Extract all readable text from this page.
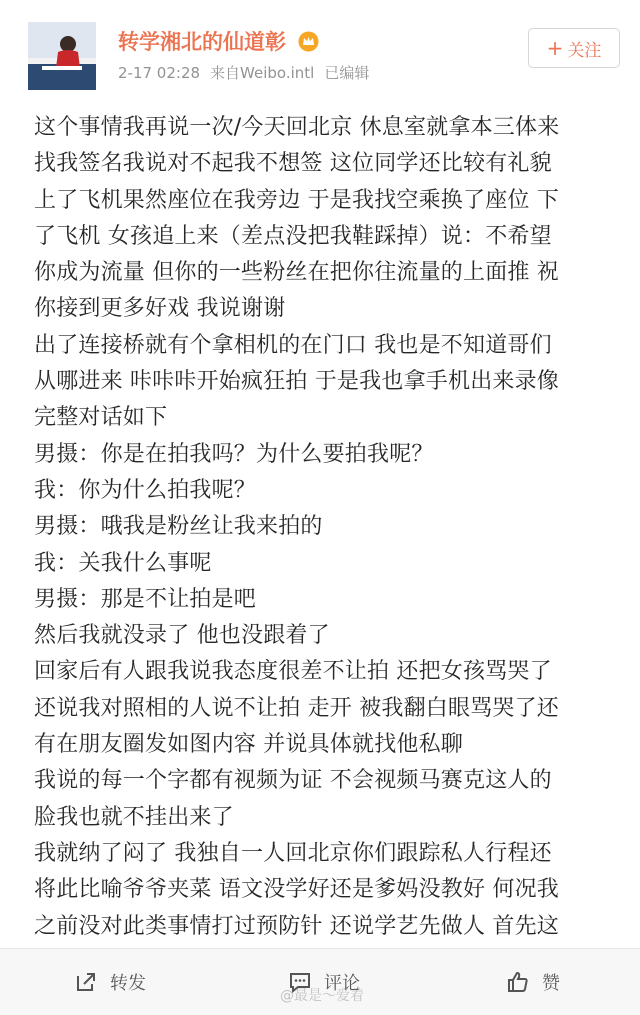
转学湘北的仙道彰
2-17 02:28 来自Weibo.intl 已编辑
+ 关注
这个事情我再说一次/今天回北京 休息室就拿本三体来
找我签名我说对不起我不想签 这位同学还比较有礼貌
上了飞机果然座位在我旁边 于是我找空乘换了座位 下
了飞机 女孩追上来（差点没把我鞋踩掉）说：不希望
你成为流量 但你的一些粉丝在把你往流量的上面推 祝
你接到更多好戏 我说谢谢
出了连接桥就有个拿相机的在门口 我也是不知道哥们
从哪进来 咔咔咔开始疯狂拍 于是我也拿手机出来录像
完整对话如下
男摄：你是在拍我吗？为什么要拍我呢？
我：你为什么拍我呢？
男摄：哦我是粉丝让我来拍的
我：关我什么事呢
男摄：那是不让拍是吧
然后我就没录了 他也没跟着了
回家后有人跟我说我态度很差不让拍 还把女孩骂哭了
还说我对照相的人说不让拍 走开 被我翻白眼骂哭了还
有在朋友圈发如图内容 并说具体就找他私聊
我说的每一个字都有视频为证 不会视频马赛克这人的
脸我也就不挂出来了
我就纳了闷了 我独自一人回北京你们跟踪私人行程还
将此比喻爷爷夹菜 语文没学好还是爹妈没教好 何况我
之前没对此类事情打过预防针 还说学艺先做人 首先这
转发	评论	赞
@最是～爱着
